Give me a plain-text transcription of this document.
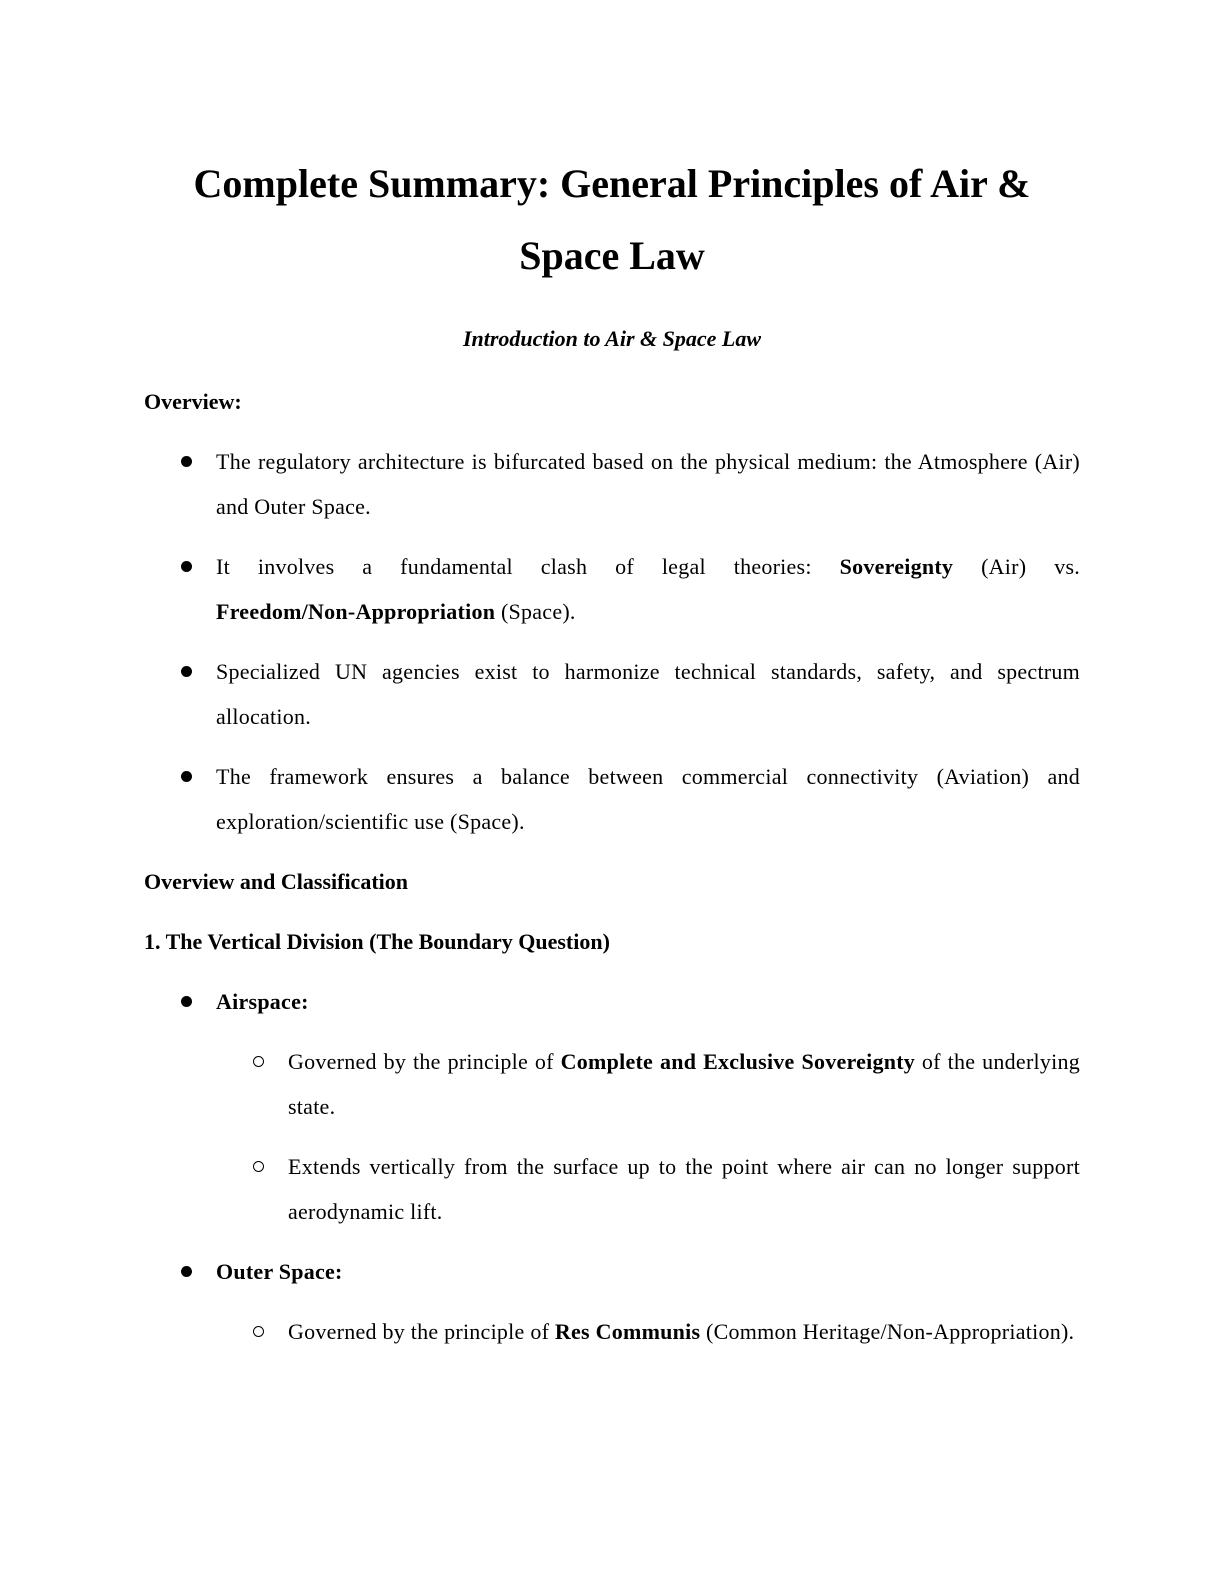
Complete Summary: General Principles of Air & Space Law
Introduction to Air & Space Law
Overview:
The regulatory architecture is bifurcated based on the physical medium: the Atmosphere (Air) and Outer Space.
It involves a fundamental clash of legal theories: Sovereignty (Air) vs. Freedom/Non-Appropriation (Space).
Specialized UN agencies exist to harmonize technical standards, safety, and spectrum allocation.
The framework ensures a balance between commercial connectivity (Aviation) and exploration/scientific use (Space).
Overview and Classification
1. The Vertical Division (The Boundary Question)
Airspace:
Governed by the principle of Complete and Exclusive Sovereignty of the underlying state.
Extends vertically from the surface up to the point where air can no longer support aerodynamic lift.
Outer Space:
Governed by the principle of Res Communis (Common Heritage/Non-Appropriation).
